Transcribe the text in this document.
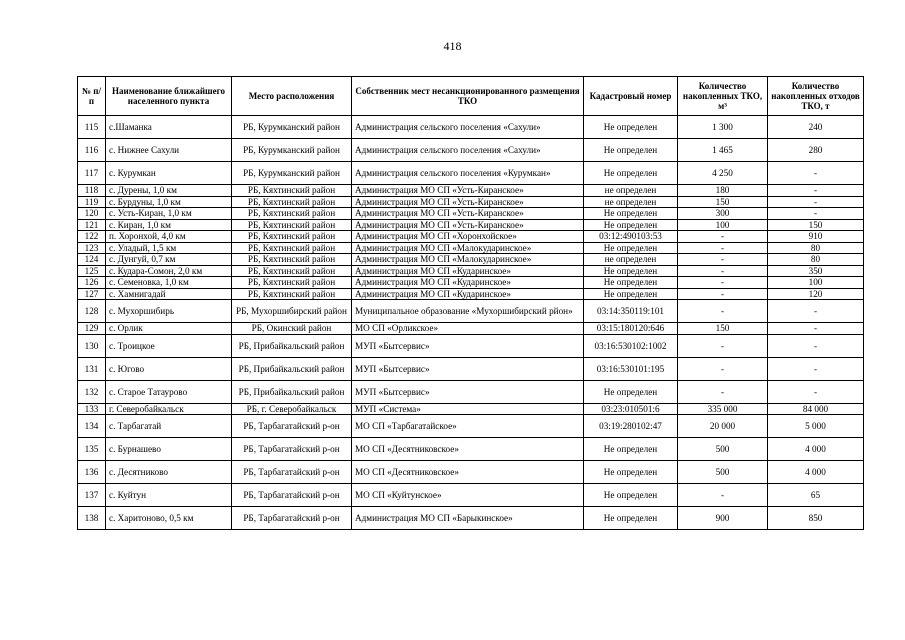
418
№ п/п	Наименование ближайшего населенного пункта	Место расположения	Собственник мест несанкционированного размещения ТКО	Кадастровый номер	Количество накопленных ТКО, м³	Количество накопленных отходов ТКО, т
115	с.Шаманка	РБ, Курумканский район	Администрация сельского поселения «Сахули»	Не определен	1 300	240
116	с. Нижнее Сахули	РБ, Курумканский район	Администрация сельского поселения «Сахули»	Не определен	1 465	280
117	с. Курумкан	РБ, Курумканский район	Администрация сельского поселения «Курумкан»	Не определен	4 250	-
118	с. Дурены, 1,0 км	РБ, Кяхтинский район	Администрация МО СП «Усть-Киранское»	не определен	180	-
119	с. Бурдуны, 1,0 км	РБ, Кяхтинский район	Администрация МО СП «Усть-Киранское»	не определен	150	-
120	с. Усть-Киран, 1,0 км	РБ, Кяхтинский район	Администрация МО СП «Усть-Киранское»	Не определен	300	-
121	с. Киран, 1,0 км	РБ, Кяхтинский район	Администрация МО СП «Усть-Киранское»	Не определен	100	150
122	п. Хоронхой, 4,0 км	РБ, Кяхтинский район	Администрация МО СП «Хоронхойское»	03:12:490103:53	-	910
123	с. Уладый, 1,5 км	РБ, Кяхтинский район	Администрация МО СП «Малокударинское»	Не определен	-	80
124	с. Дунгуй, 0,7 км	РБ, Кяхтинский район	Администрация МО СП «Малокударинское»	не определен	-	80
125	с. Кудара-Сомон, 2,0 км	РБ, Кяхтинский район	Администрация МО СП «Кударинское»	Не определен	-	350
126	с. Семеновка, 1,0 км	РБ, Кяхтинский район	Администрация МО СП «Кударинское»	Не определен	-	100
127	с. Хамнигадай	РБ, Кяхтинский район	Администрация МО СП «Кударинское»	Не определен	-	120
128	с. Мухоршибирь	РБ, Мухоршибирский район	Муниципальное образование «Мухоршибирский рйон»	03:14:350119:101	-	-
129	с. Орлик	РБ, Окинский район	МО СП «Орликское»	03:15:180120:646	150	-
130	с. Троицкое	РБ, Прибайкальский район	МУП «Бытсервис»	03:16:530102:1002	-	-
131	с. Югово	РБ, Прибайкальский район	МУП «Бытсервис»	03:16:530101:195	-	-
132	с. Старое Татаурово	РБ, Прибайкальский район	МУП «Бытсервис»	Не определен	-	-
133	г. Северобайкальск	РБ, г. Северобайкальск	МУП «Система»	03:23:010501:6	335 000	84 000
134	с. Тарбагатай	РБ, Тарбагатайский р-он	МО СП «Тарбагатайское»	03:19:280102:47	20 000	5 000
135	с. Бурнашево	РБ, Тарбагатайский р-он	МО СП «Десятниковское»	Не определен	500	4 000
136	с. Десятниково	РБ, Тарбагатайский р-он	МО СП «Десятниковское»	Не определен	500	4 000
137	с. Куйтун	РБ, Тарбагатайский р-он	МО СП «Куйтунское»	Не определен	-	65
138	с. Харитоново, 0,5 км	РБ, Тарбагатайский р-он	Администрация МО СП «Барыкинское»	Не определен	900	850
